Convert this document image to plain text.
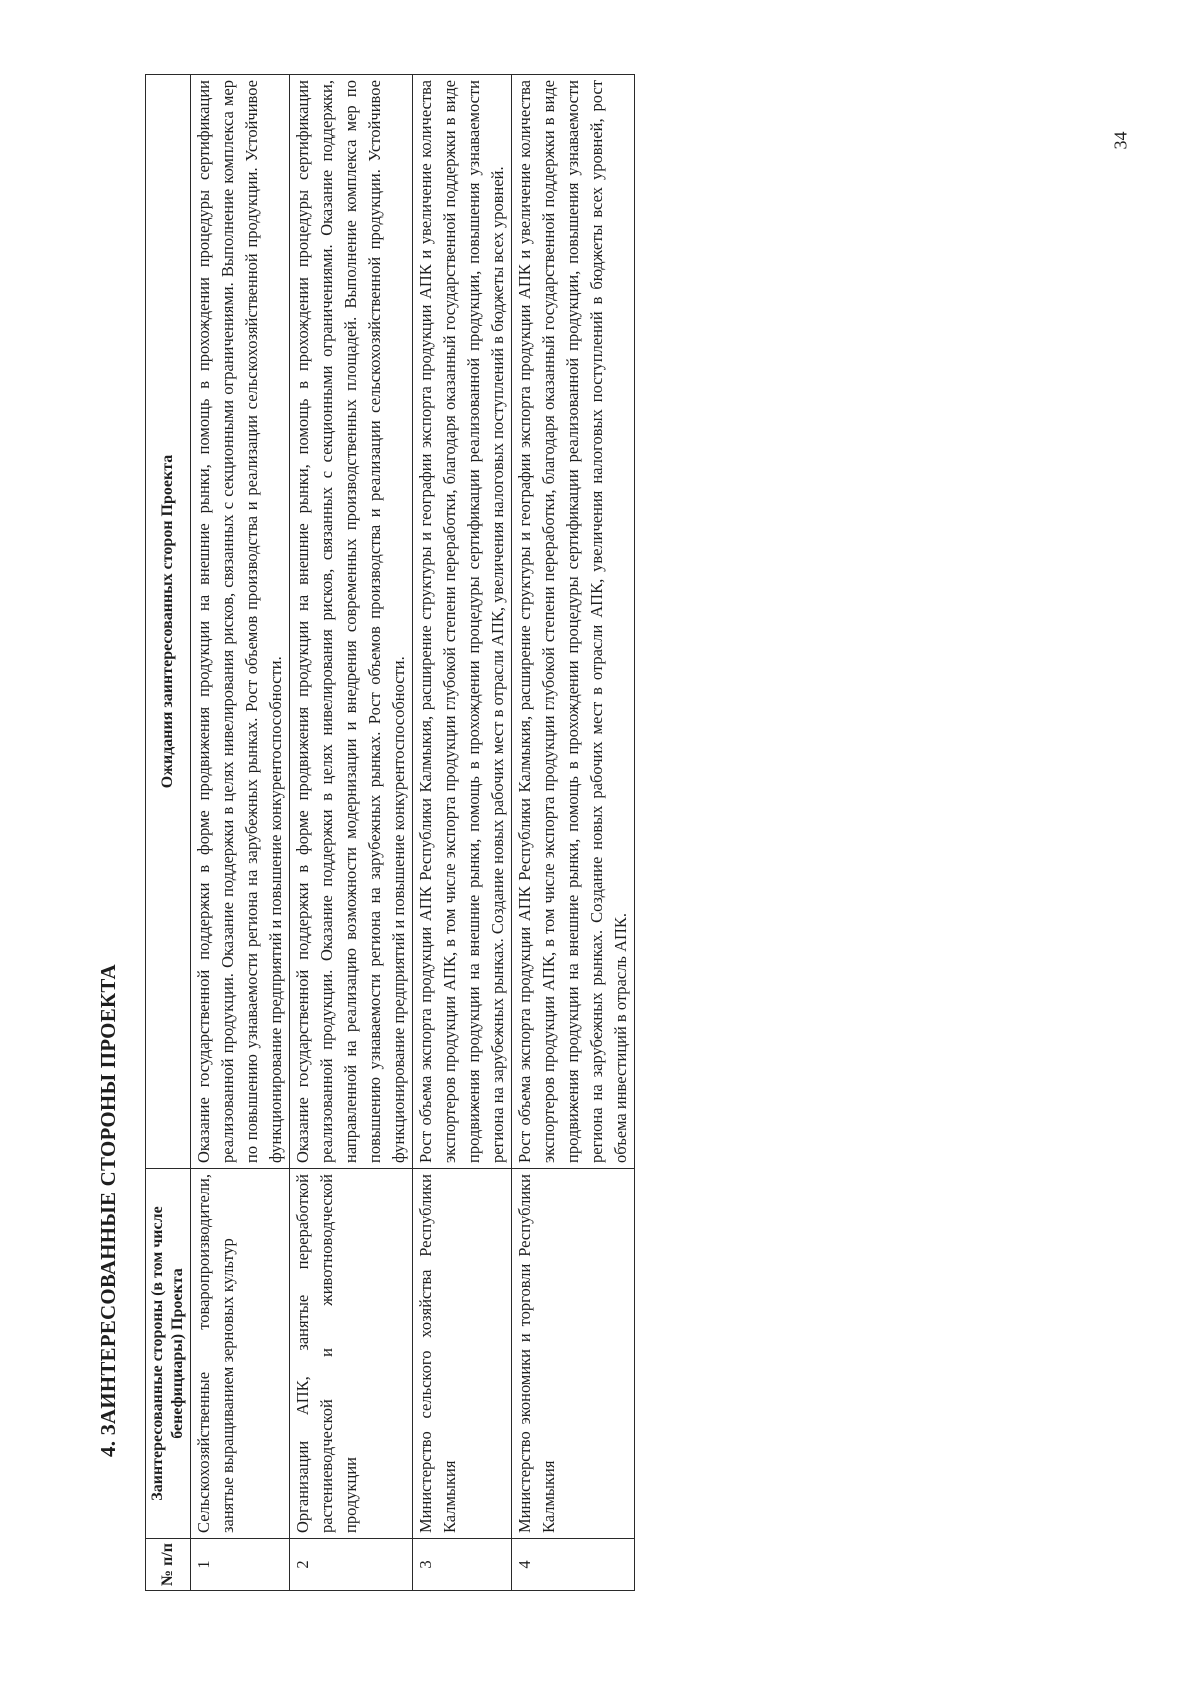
4. ЗАИНТЕРЕСОВАННЫЕ СТОРОНЫ ПРОЕКТА
№ п/п	Заинтересованные стороны (в том числе бенефициары) Проекта	Ожидания заинтересованных сторон Проекта
1	Сельскохозяйственные товаропроизводители, занятые выращиванием зерновых культур	Оказание государственной поддержки в форме продвижения продукции на внешние рынки, помощь в прохождении процедуры сертификации реализованной продукции. Оказание поддержки в целях нивелирования рисков, связанных с секционными ограничениями. Выполнение комплекса мер по повышению узнаваемости региона на зарубежных рынках. Рост объемов производства и реализации сельскохозяйственной продукции. Устойчивое функционирование предприятий и повышение конкурентоспособности.
2	Организации АПК, занятые переработкой растениеводческой и животноводческой продукции	Оказание государственной поддержки в форме продвижения продукции на внешние рынки, помощь в прохождении процедуры сертификации реализованной продукции. Оказание поддержки в целях нивелирования рисков, связанных с секционными ограничениями. Оказание поддержки, направленной на реализацию возможности модернизации и внедрения современных производственных площадей. Выполнение комплекса мер по повышению узнаваемости региона на зарубежных рынках. Рост объемов производства и реализации сельскохозяйственной продукции. Устойчивое функционирование предприятий и повышение конкурентоспособности.
3	Министерство сельского хозяйства Республики Калмыкия	Рост объема экспорта продукции АПК Республики Калмыкия, расширение структуры и географии экспорта продукции АПК и увеличение количества экспортеров продукции АПК, в том числе экспорта продукции глубокой степени переработки, благодаря оказанный государственной поддержки в виде продвижения продукции на внешние рынки, помощь в прохождении процедуры сертификации реализованной продукции, повышения узнаваемости региона на зарубежных рынках. Создание новых рабочих мест в отрасли АПК, увеличения налоговых поступлений в бюджеты всех уровней.
4	Министерство экономики и торговли Республики Калмыкия	Рост объема экспорта продукции АПК Республики Калмыкия, расширение структуры и географии экспорта продукции АПК и увеличение количества экспортеров продукции АПК, в том числе экспорта продукции глубокой степени переработки, благодаря оказанный государственной поддержки в виде продвижения продукции на внешние рынки, помощь в прохождении процедуры сертификации реализованной продукции, повышения узнаваемости региона на зарубежных рынках. Создание новых рабочих мест в отрасли АПК, увеличения налоговых поступлений в бюджеты всех уровней, рост объема инвестиций в отрасль АПК.
34
